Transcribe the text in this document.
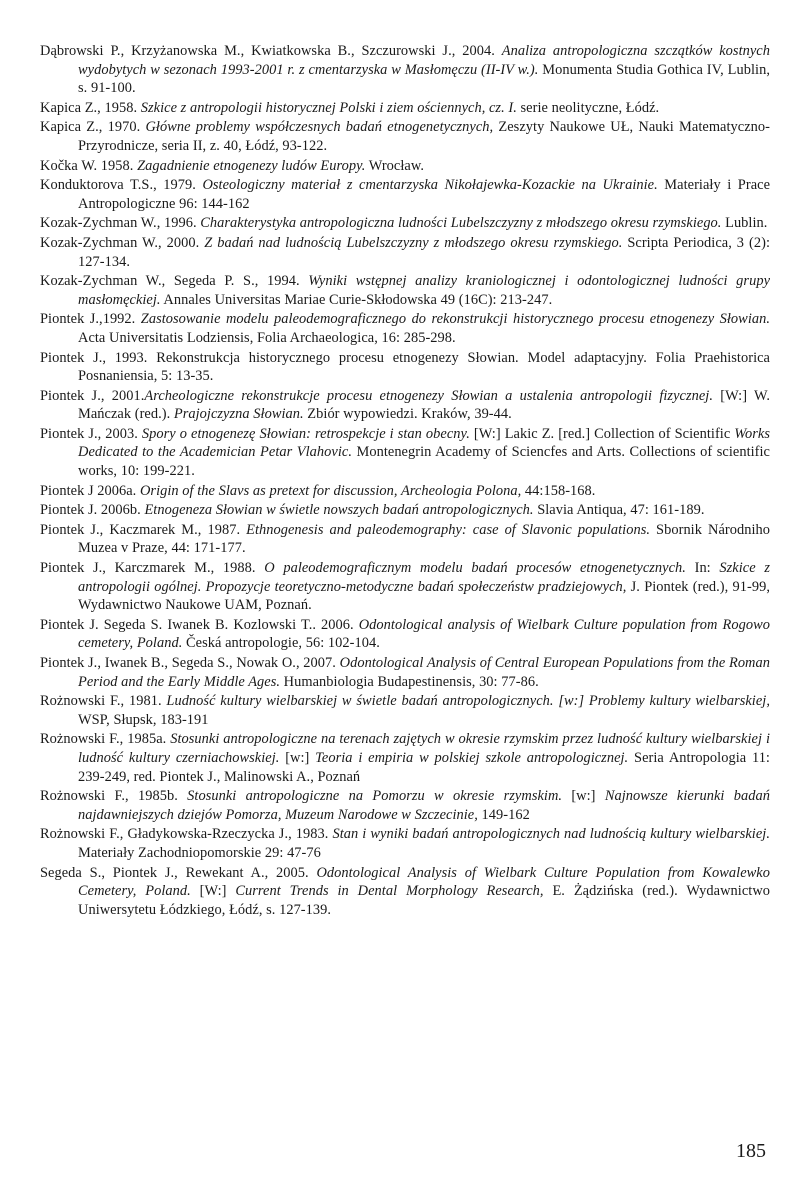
Dąbrowski P., Krzyżanowska M., Kwiatkowska B., Szczurowski J., 2004. Analiza antropologiczna szczątków kostnych wydobytych w sezonach 1993-2001 r. z cmentarzyska w Masłomęczu (II-IV w.). Monumenta Studia Gothica IV, Lublin, s. 91-100.
Kapica Z., 1958. Szkice z antropologii historycznej Polski i ziem ościennych, cz. I. serie neolityczne, Łódź.
Kapica Z., 1970. Główne problemy współczesnych badań etnogenetycznych, Zeszyty Naukowe UŁ, Nauki Matematyczno-Przyrodnicze, seria II, z. 40, Łódź, 93-122.
Kočka W. 1958. Zagadnienie etnogenezy ludów Europy. Wrocław.
Konduktorova T.S., 1979. Osteologiczny materiał z cmentarzyska Nikołajewka-Kozackie na Ukrainie. Materiały i Prace Antropologiczne 96: 144-162
Kozak-Zychman W., 1996. Charakterystyka antropologiczna ludności Lubelszczyzny z młodszego okresu rzymskiego. Lublin.
Kozak-Zychman W., 2000. Z badań nad ludnością Lubelszczyzny z młodszego okresu rzymskiego. Scripta Periodica, 3 (2): 127-134.
Kozak-Zychman W., Segeda P. S., 1994. Wyniki wstępnej analizy kraniologicznej i odontologicznej ludności grupy masłomęckiej. Annales Universitas Mariae Curie-Skłodowska 49 (16C): 213-247.
Piontek J.,1992. Zastosowanie modelu paleodemograficznego do rekonstrukcji historycznego procesu etnogenezy Słowian. Acta Universitatis Lodziensis, Folia Archaeologica, 16: 285-298.
Piontek J., 1993. Rekonstrukcja historycznego procesu etnogenezy Słowian. Model adaptacyjny. Folia Praehistorica Posnaniensia, 5: 13-35.
Piontek J., 2001.Archeologiczne rekonstrukcje procesu etnogenezy Słowian a ustalenia antropologii fizycznej. [W:] W. Mańczak (red.). Prajojczyzna Słowian. Zbiór wypowiedzi. Kraków, 39-44.
Piontek J., 2003. Spory o etnogenezę Słowian: retrospekcje i stan obecny. [W:] Lakic Z. [red.] Collection of Scientific Works Dedicated to the Academician Petar Vlahovic. Montenegrin Academy of Sciencfes and Arts. Collections of scientific works, 10: 199-221.
Piontek J 2006a. Origin of the Slavs as pretext for discussion, Archeologia Polona, 44:158-168.
Piontek J. 2006b. Etnogeneza Słowian w świetle nowszych badań antropologicznych. Slavia Antiqua, 47: 161-189.
Piontek J., Kaczmarek M., 1987. Ethnogenesis and paleodemography: case of Slavonic populations. Sbornik Národniho Muzea v Praze, 44: 171-177.
Piontek J., Karczmarek M., 1988. O paleodemograficznym modelu badań procesów etnogenetycznych. In: Szkice z antropologii ogólnej. Propozycje teoretyczno-metodyczne badań społeczeństw pradziejowych, J. Piontek (red.), 91-99, Wydawnictwo Naukowe UAM, Poznań.
Piontek J. Segeda S. Iwanek B. Kozlowski T.. 2006. Odontological analysis of Wielbark Culture population from Rogowo cemetery, Poland. Česká antropologie, 56: 102-104.
Piontek J., Iwanek B., Segeda S., Nowak O., 2007. Odontological Analysis of Central European Populations from the Roman Period and the Early Middle Ages. Humanbiologia Budapestinensis, 30: 77-86.
Rożnowski F., 1981. Ludność kultury wielbarskiej w świetle badań antropologicznych. [w:] Problemy kultury wielbarskiej, WSP, Słupsk, 183-191
Rożnowski F., 1985a. Stosunki antropologiczne na terenach zajętych w okresie rzymskim przez ludność kultury wielbarskiej i ludność kultury czerniachowskiej. [w:] Teoria i empiria w polskiej szkole antropologicznej. Seria Antropologia 11: 239-249, red. Piontek J., Malinowski A., Poznań
Rożnowski F., 1985b. Stosunki antropologiczne na Pomorzu w okresie rzymskim. [w:] Najnowsze kierunki badań najdawniejszych dziejów Pomorza, Muzeum Narodowe w Szczecinie, 149-162
Rożnowski F., Gładykowska-Rzeczycka J., 1983. Stan i wyniki badań antropologicznych nad ludnością kultury wielbarskiej. Materiały Zachodniopomorskie 29: 47-76
Segeda S., Piontek J., Rewekant A., 2005. Odontological Analysis of Wielbark Culture Population from Kowalewko Cemetery, Poland. [W:] Current Trends in Dental Morphology Research, E. Żądzińska (red.). Wydawnictwo Uniwersytetu Łódzkiego, Łódź, s. 127-139.
185
